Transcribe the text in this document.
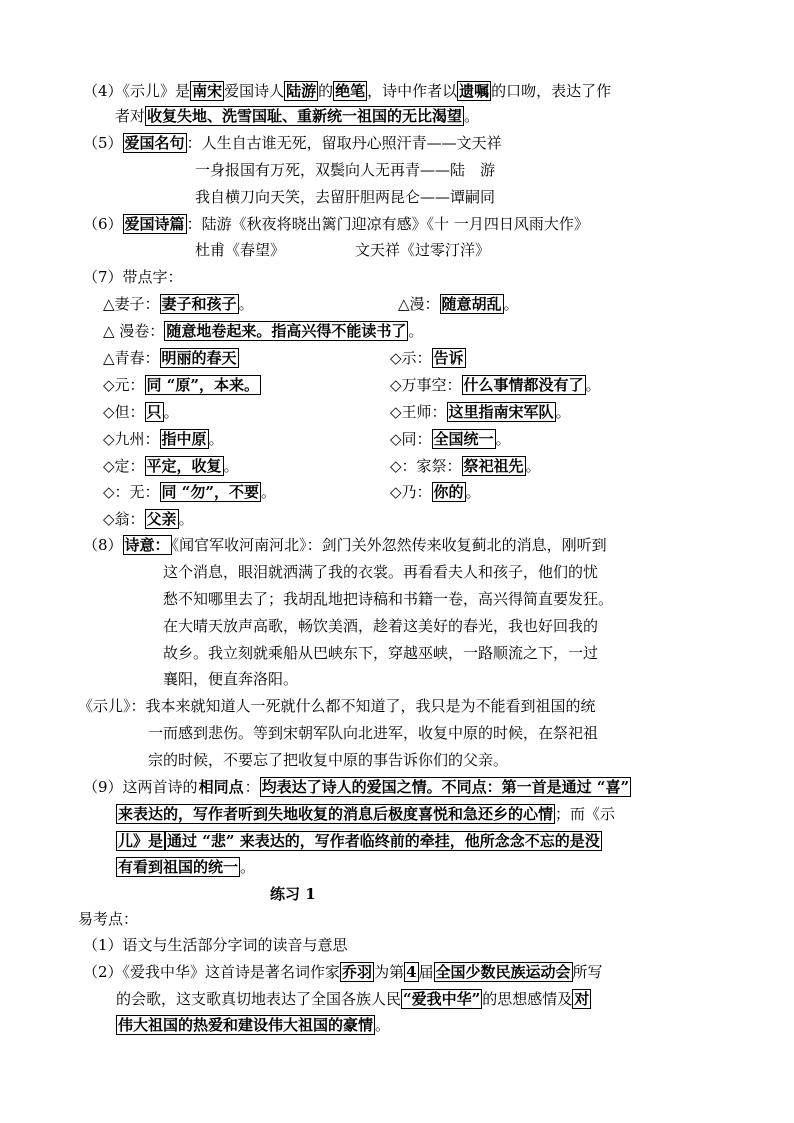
（4）《示儿》是 南宋 爱国诗人 陆游 的 绝笔 ，诗中作者以 遗嘱 的口吻，表达了作
者对 收复失地、洗雪国耻、重新统一祖国的无比渴望 。
（5） 爱国名句 ：人生自古谁无死，留取丹心照汗青——文天祥
一身报国有万死，双鬓向人无再青——陆　游
我自横刀向天笑，去留肝胆两昆仑——谭嗣同
（6） 爱国诗篇 ：陆游《秋夜将晓出篱门迎凉有感》《十 一月四日风雨大作》
杜甫《春望》	文天祥《过零汀洋》
（7）带点字：
△妻子： 妻子和孩子 。	△漫： 随意胡乱 。
△ 漫卷： 随意地卷起来。指高兴得不能读书了 。
△青春： 明丽的春天	◇示： 告诉
◇元： 同 “原”，本来。	◇万事空： 什么事情都没有了 。
◇但： 只 。	◇王师： 这里指南宋军队 。
◇九州： 指中原 。	◇同： 全国统一 。
◇定： 平定，收复 。	◇：家祭： 祭祀祖先 。
◇：无： 同 “勿”，不要 。	◇乃： 你的 。
◇翁： 父亲 。
（8） 诗意： 《闻官军收河南河北》：剑门关外忽然传来收复蓟北的消息，刚听到
这个消息，眼泪就洒满了我的衣裳。再看看夫人和孩子，他们的忧
愁不知哪里去了；我胡乱地把诗稿和书籍一卷，高兴得简直要发狂。
在大晴天放声高歌，畅饮美酒，趁着这美好的春光，我也好回我的
故乡。我立刻就乘船从巴峡东下，穿越巫峡，一路顺流之下，一过
襄阳，便直奔洛阳。
《示儿》：我本来就知道人一死就什么都不知道了，我只是为不能看到祖国的统
一而感到悲伤。等到宋朝军队向北进军，收复中原的时候，在祭祀祖
宗的时候，不要忘了把收复中原的事告诉你们的父亲。
（9）这两首诗的相同点： 均表达了诗人的爱国之情。不同点：第一首是通过 “喜”
来表达的，写作者听到失地收复的消息后极度喜悦和急还乡的心情 ；而《示
儿》是 通过 “悲” 来表达的，写作者临终前的牵挂，他所念念不忘的是没
有看到祖国的统一 。
练习 1
易考点：
（1）语文与生活部分字词的读音与意思
（2）《爱我中华》这首诗是著名词作家 乔羽 为第 4 届 全国少数民族运动会 所写
的会歌，这支歌真切地表达了全国各族人民 “爱我中华” 的思想感情及 对
伟大祖国的热爱和建设伟大祖国的豪情 。
